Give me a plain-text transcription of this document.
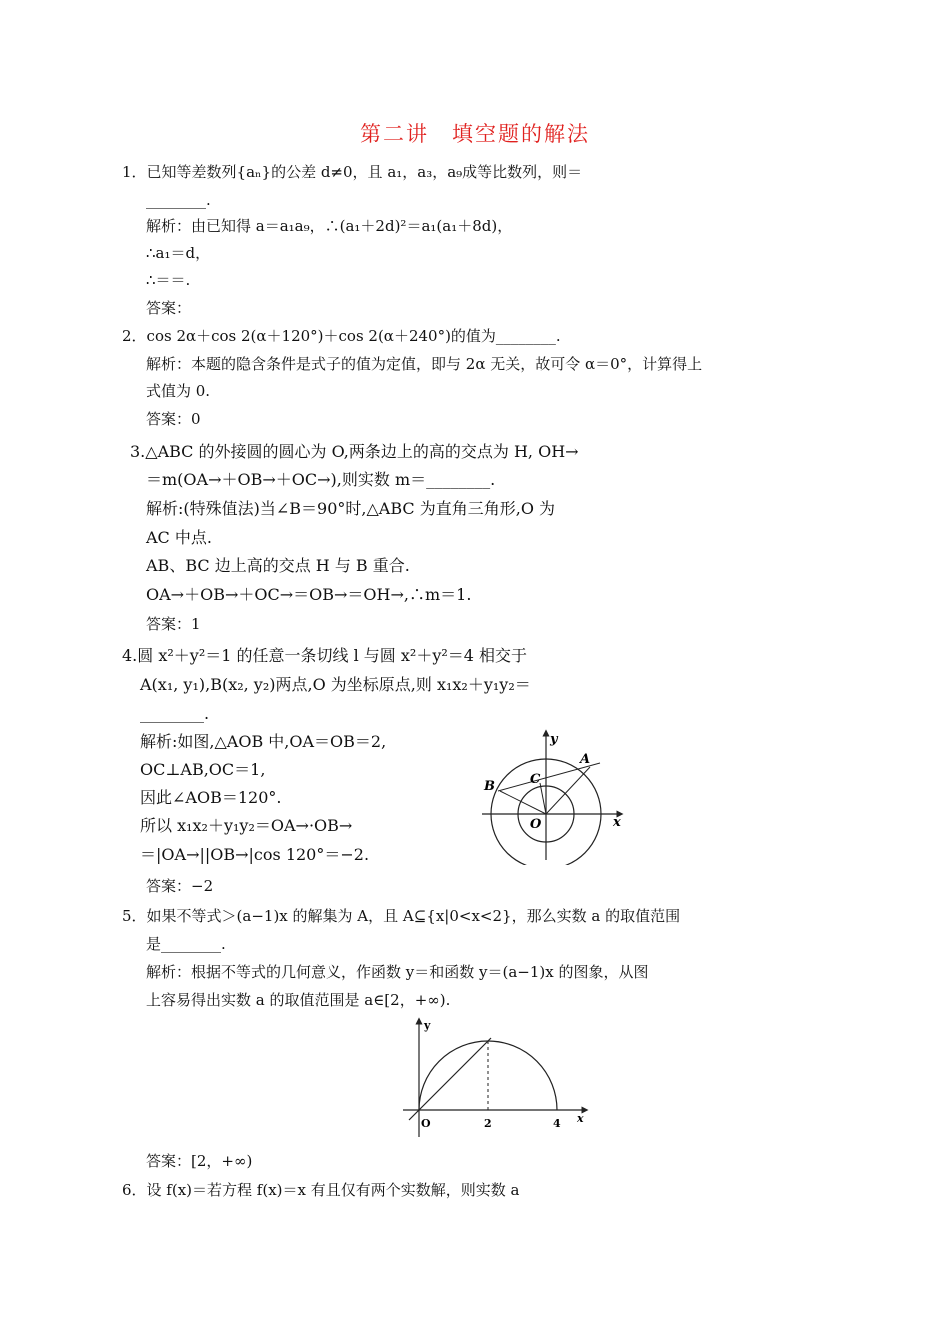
第二讲　填空题的解法
1．已知等差数列{aₙ}的公差 d≠0，且 a₁，a₃，a₉成等比数列，则＝
________.
解析：由已知得 a＝a₁a₉，∴(a₁＋2d)²＝a₁(a₁＋8d)，
∴a₁＝d，
∴＝＝.
答案：
2．cos 2α＋cos 2(α＋120°)＋cos 2(α＋240°)的值为________.
解析：本题的隐含条件是式子的值为定值，即与 2α 无关，故可令 α＝0°，计算得上
式值为 0.
答案：0
3.△ABC 的外接圆的圆心为 O,两条边上的高的交点为 H, OH→
＝m(OA→＋OB→＋OC→),则实数 m＝________.
解析:(特殊值法)当∠B＝90°时,△ABC 为直角三角形,O 为
AC 中点.
AB、BC 边上高的交点 H 与 B 重合.
OA→＋OB→＋OC→＝OB→＝OH→,∴m＝1.
答案：1
4.圆 x²＋y²＝1 的任意一条切线 l 与圆 x²＋y²＝4 相交于
A(x₁, y₁),B(x₂, y₂)两点,O 为坐标原点,则 x₁x₂＋y₁y₂＝
________.
解析:如图,△AOB 中,OA＝OB＝2,
OC⊥AB,OC＝1,
因此∠AOB＝120°.
所以 x₁x₂＋y₁y₂＝OA→·OB→
＝|OA→||OB→|cos 120°＝−2.
答案：−2
y
x
A
B	C
O
5．如果不等式＞(a−1)x 的解集为 A，且 A⊆{x|0<x<2}，那么实数 a 的取值范围
是________.
解析：根据不等式的几何意义，作函数 y＝和函数 y＝(a−1)x 的图象，从图
上容易得出实数 a 的取值范围是 a∈[2，+∞).
y
x
O	2	4
答案：[2，+∞)
6．设 f(x)＝若方程 f(x)＝x 有且仅有两个实数解，则实数 a
